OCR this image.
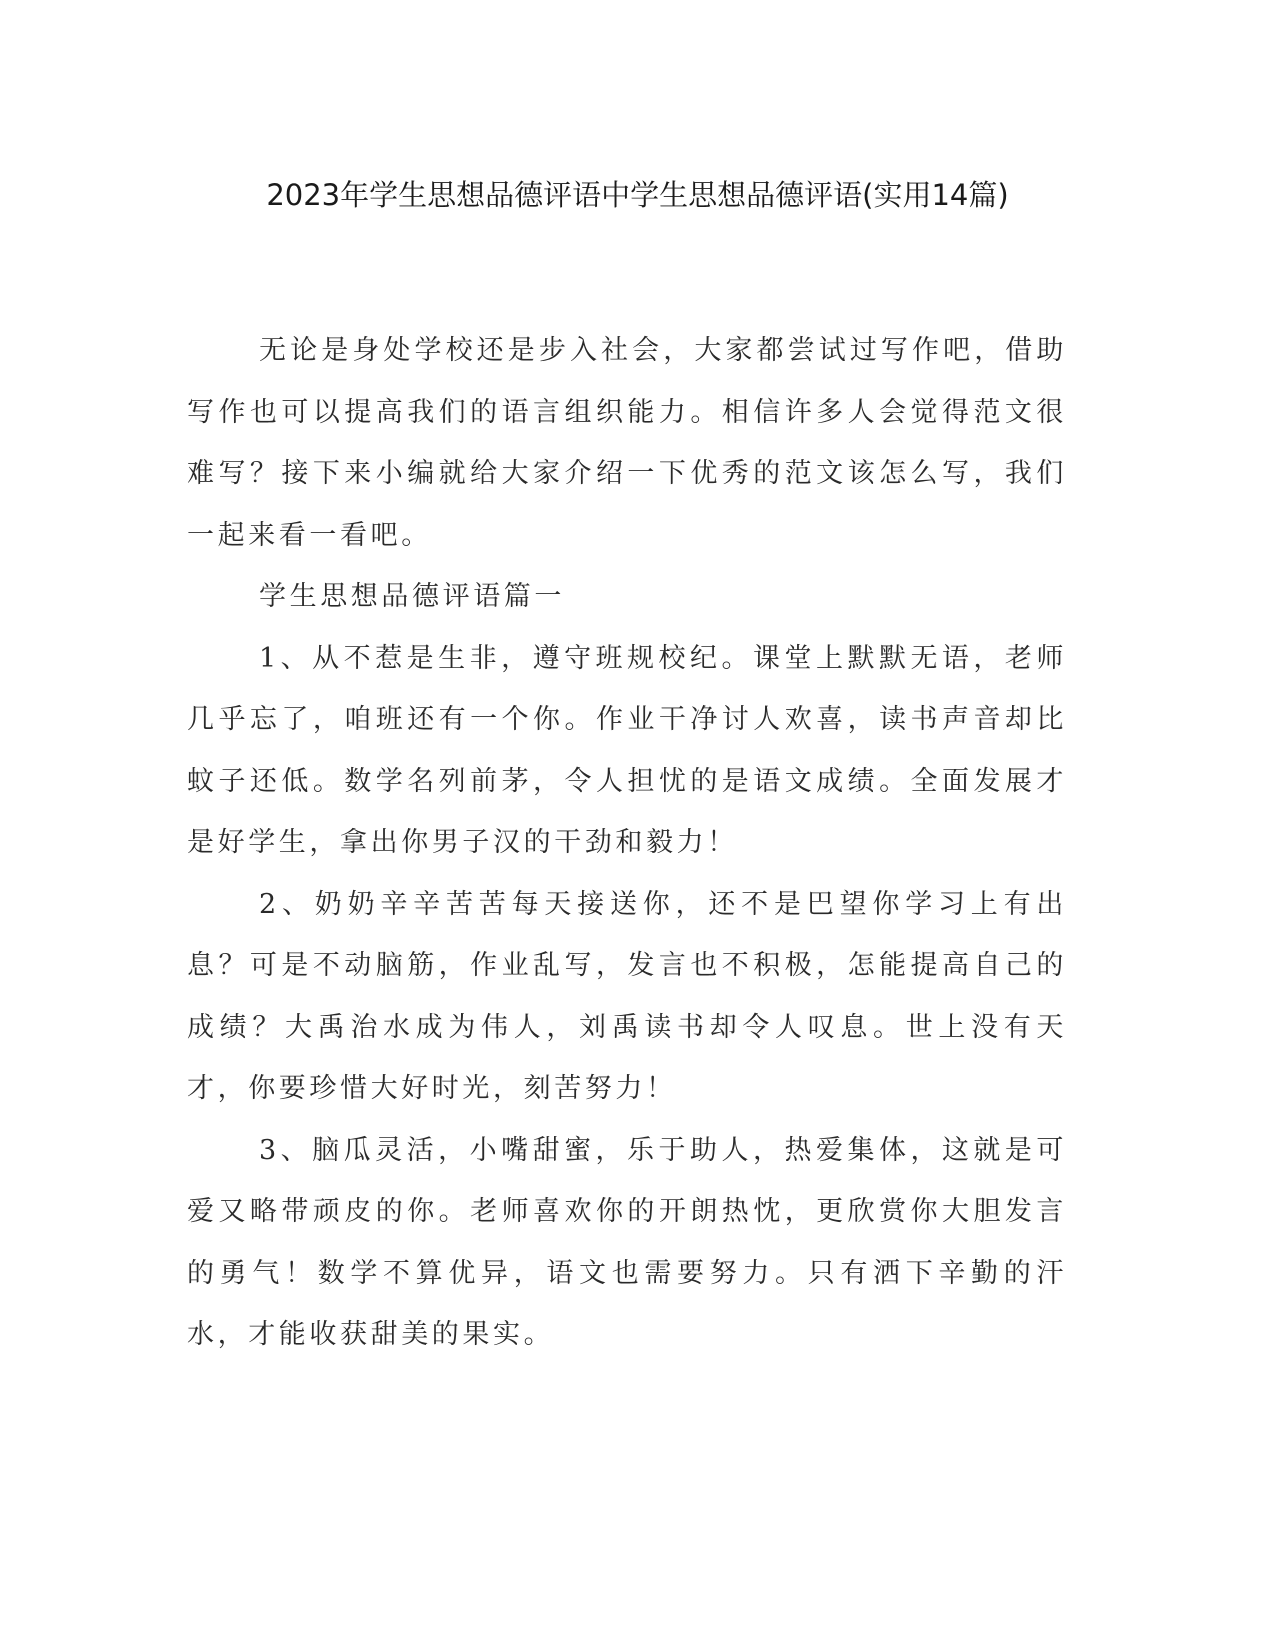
2023年学生思想品德评语中学生思想品德评语(实用14篇)

无论是身处学校还是步入社会，大家都尝试过写作吧，借助写作也可以提高我们的语言组织能力。相信许多人会觉得范文很难写？接下来小编就给大家介绍一下优秀的范文该怎么写，我们一起来看一看吧。

学生思想品德评语篇一

1、从不惹是生非，遵守班规校纪。课堂上默默无语，老师几乎忘了，咱班还有一个你。作业干净讨人欢喜，读书声音却比蚊子还低。数学名列前茅，令人担忧的是语文成绩。全面发展才是好学生，拿出你男子汉的干劲和毅力！

2、奶奶辛辛苦苦每天接送你，还不是巴望你学习上有出息？可是不动脑筋，作业乱写，发言也不积极，怎能提高自己的成绩？大禹治水成为伟人，刘禹读书却令人叹息。世上没有天才，你要珍惜大好时光，刻苦努力！

3、脑瓜灵活，小嘴甜蜜，乐于助人，热爱集体，这就是可爱又略带顽皮的你。老师喜欢你的开朗热忱，更欣赏你大胆发言的勇气！数学不算优异，语文也需要努力。只有洒下辛勤的汗水，才能收获甜美的果实。
